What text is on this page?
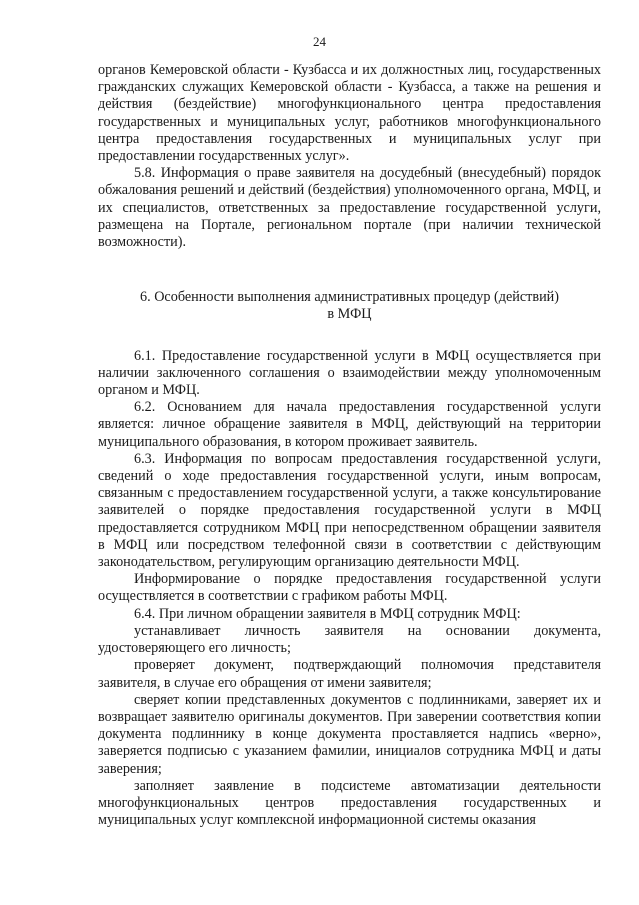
24

органов Кемеровской области - Кузбасса и их должностных лиц, государственных гражданских служащих Кемеровской области - Кузбасса, а также на решения и действия (бездействие) многофункционального центра предоставления государственных и муниципальных услуг, работников многофункционального центра предоставления государственных и муниципальных услуг при предоставлении государственных услуг».

5.8. Информация о праве заявителя на досудебный (внесудебный) порядок обжалования решений и действий (бездействия) уполномоченного органа, МФЦ, и их специалистов, ответственных за предоставление государственной услуги, размещена на Портале, региональном портале (при наличии технической возможности).

6. Особенности выполнения административных процедур (действий)
в МФЦ

6.1. Предоставление государственной услуги в МФЦ осуществляется при наличии заключенного соглашения о взаимодействии между уполномоченным органом и МФЦ.

6.2. Основанием для начала предоставления государственной услуги является: личное обращение заявителя в МФЦ, действующий на территории муниципального образования, в котором проживает заявитель.

6.3. Информация по вопросам предоставления государственной услуги, сведений о ходе предоставления государственной услуги, иным вопросам, связанным с предоставлением государственной услуги, а также консультирование заявителей о порядке предоставления государственной услуги в МФЦ предоставляется сотрудником МФЦ при непосредственном обращении заявителя в МФЦ или посредством телефонной связи в соответствии с действующим законодательством, регулирующим организацию деятельности МФЦ.

Информирование о порядке предоставления государственной услуги осуществляется в соответствии с графиком работы МФЦ.

6.4. При личном обращении заявителя в МФЦ сотрудник МФЦ:

устанавливает личность заявителя на основании документа, удостоверяющего его личность;

проверяет документ, подтверждающий полномочия представителя заявителя, в случае его обращения от имени заявителя;

сверяет копии представленных документов с подлинниками, заверяет их и возвращает заявителю оригиналы документов. При заверении соответствия копии документа подлиннику в конце документа проставляется надпись «верно», заверяется подписью с указанием фамилии, инициалов сотрудника МФЦ и даты заверения;

заполняет заявление в подсистеме автоматизации деятельности многофункциональных центров предоставления государственных и муниципальных услуг комплексной информационной системы оказания
